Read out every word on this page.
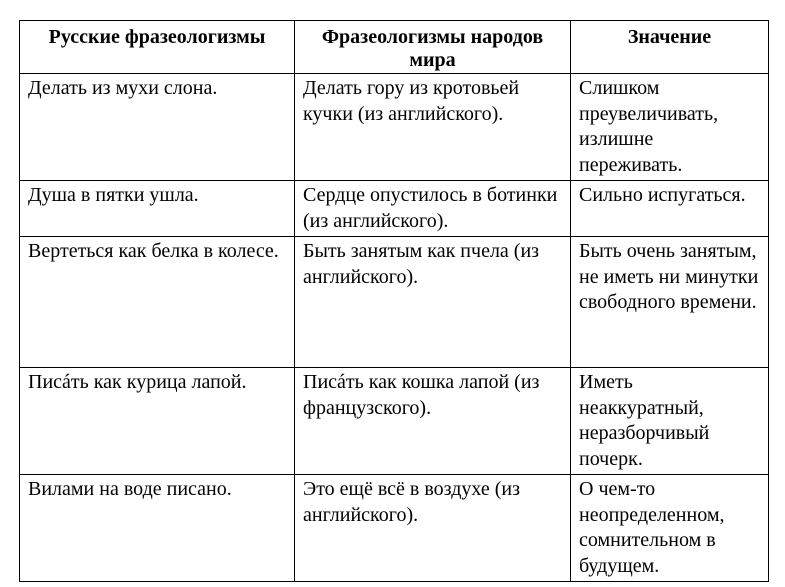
Русские фразеологизмы	Фразеологизмы народов мира	Значение
Делать из мухи слона.	Делать гору из кротовьей кучки (из английского).	Слишком преувеличивать, излишне переживать.
Душа в пятки ушла.	Сердце опустилось в ботинки (из английского).	Сильно испугаться.
Вертеться как белка в колесе.	Быть занятым как пчела (из английского).	Быть очень занятым, не иметь ни минутки свободного времени.
Писáть как курица лапой.	Писáть как кошка лапой (из французского).	Иметь неаккуратный, неразборчивый почерк.
Вилами на воде писано.	Это ещё всё в воздухе (из английского).	О чем-то неопределенном, сомнительном в будущем.
